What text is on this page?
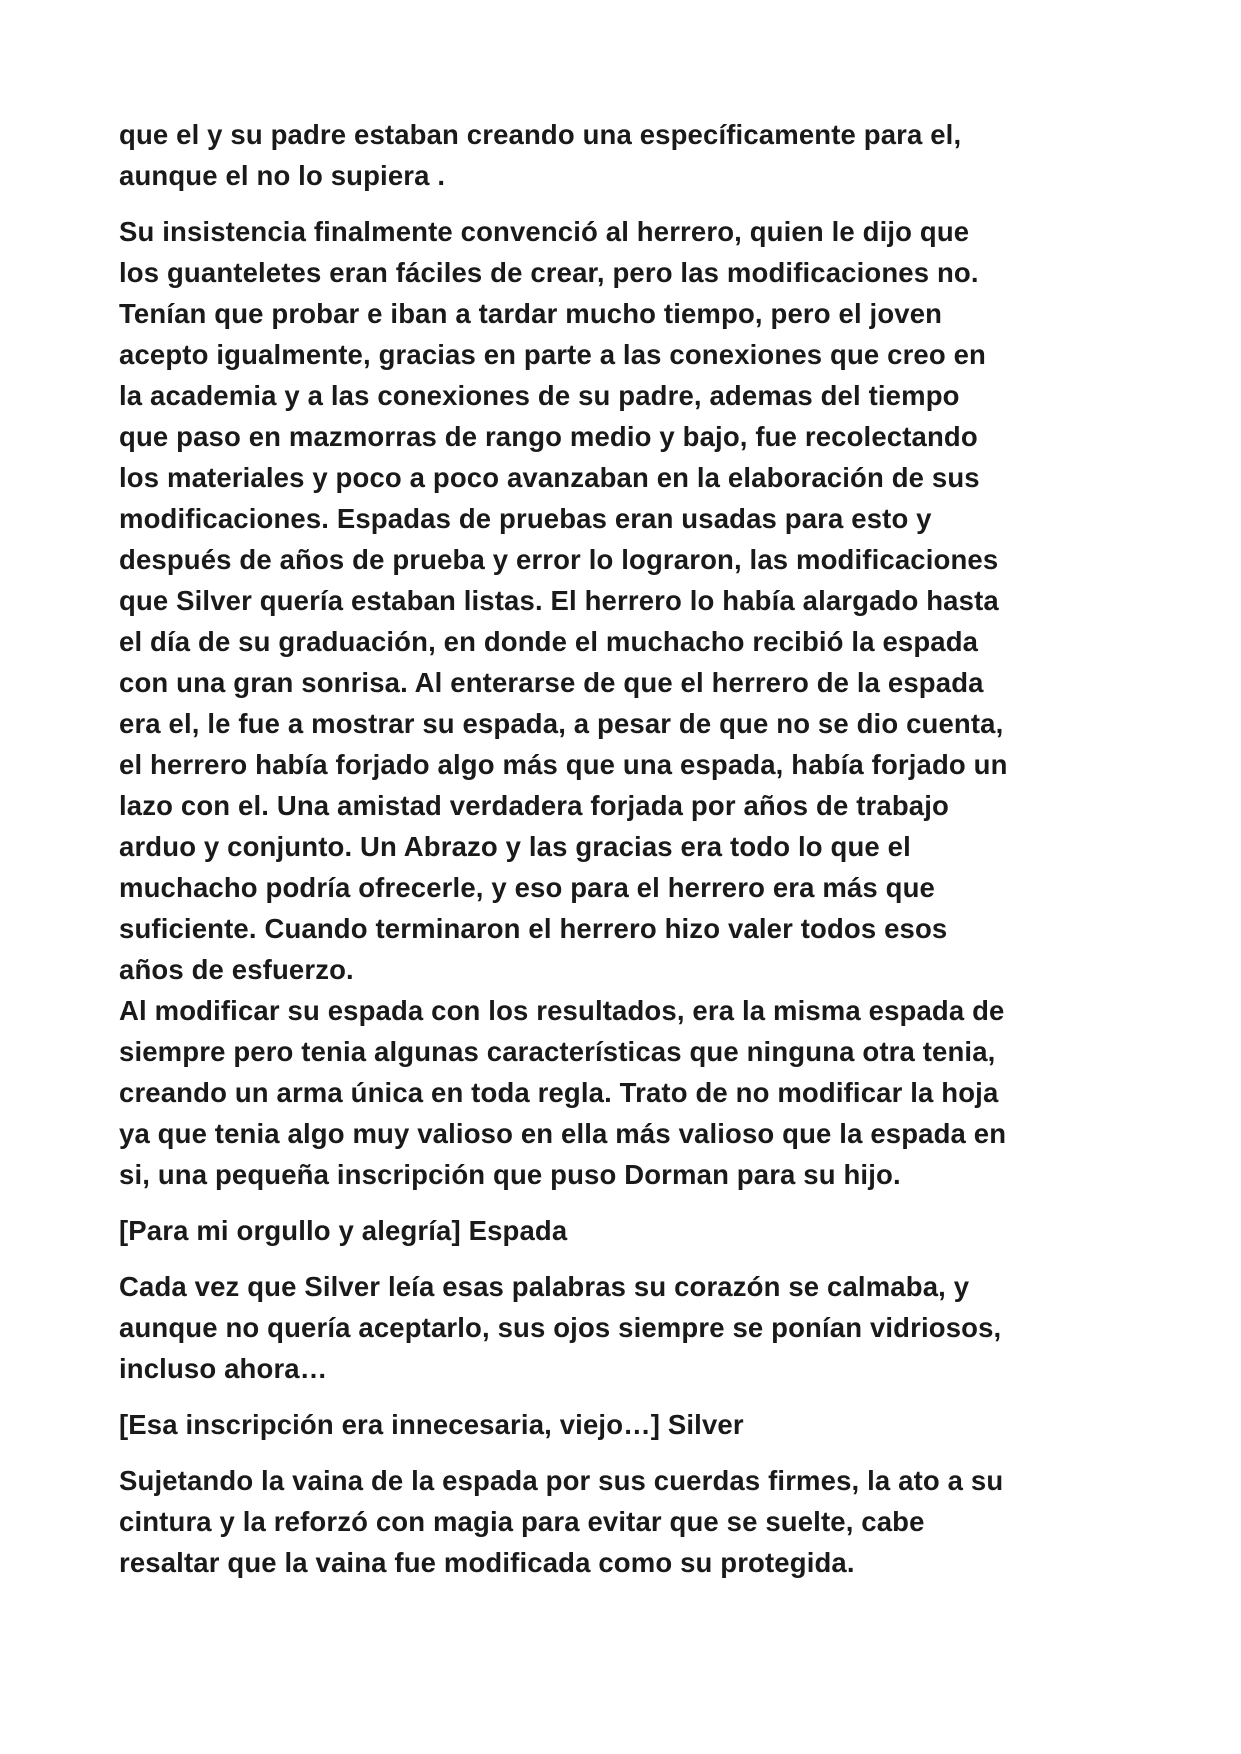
que el y su padre estaban creando una específicamente para el,
aunque el no lo supiera .
Su insistencia finalmente convenció al herrero, quien le dijo que
los guanteletes eran fáciles de crear, pero las modificaciones no.
Tenían que probar e iban a tardar mucho tiempo, pero el joven
acepto igualmente, gracias en parte a las conexiones que creo en
la academia y a las conexiones de su padre, ademas del tiempo
que paso en mazmorras de rango medio y bajo, fue recolectando
los materiales y poco a poco avanzaban en la elaboración de sus
modificaciones. Espadas de pruebas eran usadas para esto y
después de años de prueba y error lo lograron, las modificaciones
que Silver quería estaban listas. El herrero lo había alargado hasta
el día de su graduación, en donde el muchacho recibió la espada
con una gran sonrisa. Al enterarse de que el herrero de la espada
era el, le fue a mostrar su espada, a pesar de que no se dio cuenta,
el herrero había forjado algo más que una espada, había forjado un
lazo con el. Una amistad verdadera forjada por años de trabajo
arduo y conjunto. Un Abrazo y las gracias era todo lo que el
muchacho podría ofrecerle, y eso para el herrero era más que
suficiente. Cuando terminaron el herrero hizo valer todos esos
años de esfuerzo.
Al modificar su espada con los resultados, era la misma espada de
siempre pero tenia algunas características que ninguna otra tenia,
creando un arma única en toda regla. Trato de no modificar la hoja
ya que tenia algo muy valioso en ella más valioso que la espada en
si, una pequeña inscripción que puso Dorman para su hijo.
[Para mi orgullo y alegría] Espada
Cada vez que Silver leía esas palabras su corazón se calmaba, y
aunque no quería aceptarlo, sus ojos siempre se ponían vidriosos,
incluso ahora…
[Esa inscripción era innecesaria, viejo…] Silver
Sujetando la vaina de la espada por sus cuerdas firmes, la ato a su
cintura y la reforzó con magia para evitar que se suelte, cabe
resaltar que la vaina fue modificada como su protegida.
